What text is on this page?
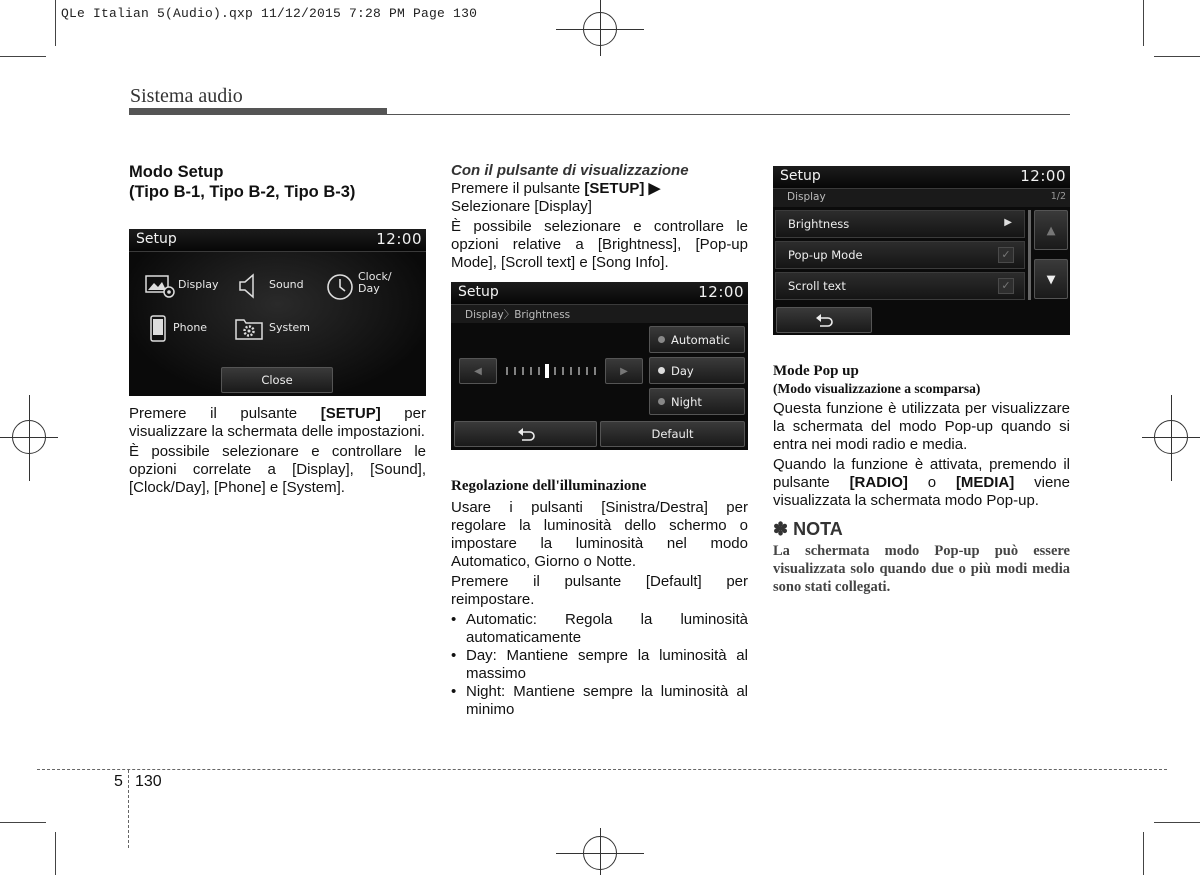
QLe Italian 5(Audio).qxp 11/12/2015 7:28 PM Page 130
Sistema audio
Modo Setup
(Tipo B-1, Tipo B-2, Tipo B-3)
Setup	12:00
Display	Sound
Clock/ Day
Phone	System
Close

Premere il pulsante [SETUP] per visualizzare la schermata delle impostazioni.

È possibile selezionare e controllare le opzioni correlate a [Display], [Sound], [Clock/Day], [Phone] e [System].

Con il pulsante di visualizzazione

Premere il pulsante [SETUP] ▶

Selezionare [Display]

È possibile selezionare e controllare le opzioni relative a [Brightness], [Pop-up Mode], [Scroll text] e [Song Info].

Setup	12:00
Display〉Brightness
◀	▶
Automatic
Day
Night
Default
Regolazione dell'illuminazione

Usare i pulsanti [Sinistra/Destra] per regolare la luminosità dello schermo o impostare la luminosità nel modo Automatico, Giorno o Notte.

Premere il pulsante [Default] per reimpostare.

• Automatic: Regola la luminosità automaticamente
• Day: Mantiene sempre la luminosità al massimo
• Night: Mantiene sempre la luminosità al minimo
Setup	12:00
Display	1/2
Brightness	▶
Pop-up Mode	✓
Scroll text	✓
▲
▼
Mode Pop up
(Modo visualizzazione a scomparsa)

Questa funzione è utilizzata per visualizzare la schermata del modo Pop-up quando si entra nei modi radio e media.

Quando la funzione è attivata, premendo il pulsante [RADIO] o [MEDIA] viene visualizzata la schermata modo Pop-up.

✽ NOTA

La schermata modo Pop-up può essere visualizzata solo quando due o più modi media sono stati collegati.

5 130
